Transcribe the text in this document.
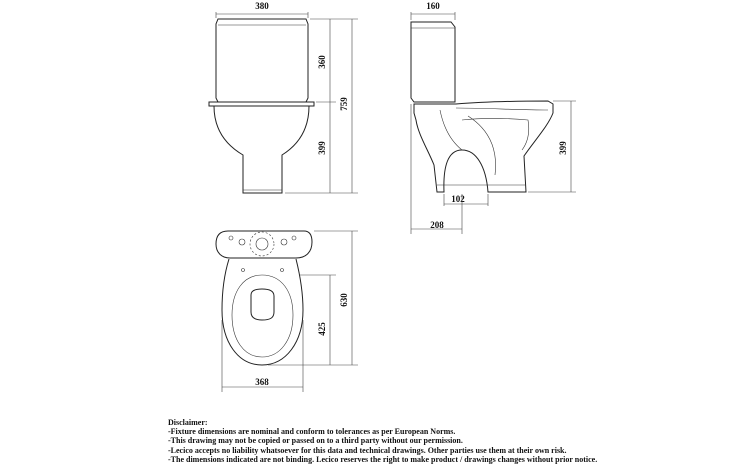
380
360
399
759
160
399
102
208
425
630
368
Disclaimer:
-Fixture dimensions are nominal and conform to tolerances as per European Norms.
-This drawing may not be copied or passed on to a third party without our permission.
-Lecico accepts no liability whatsoever for this data and technical drawings. Other parties use them at their own risk.
-The dimensions indicated are not binding. Lecico reserves the right to make product / drawings changes without prior notice.
